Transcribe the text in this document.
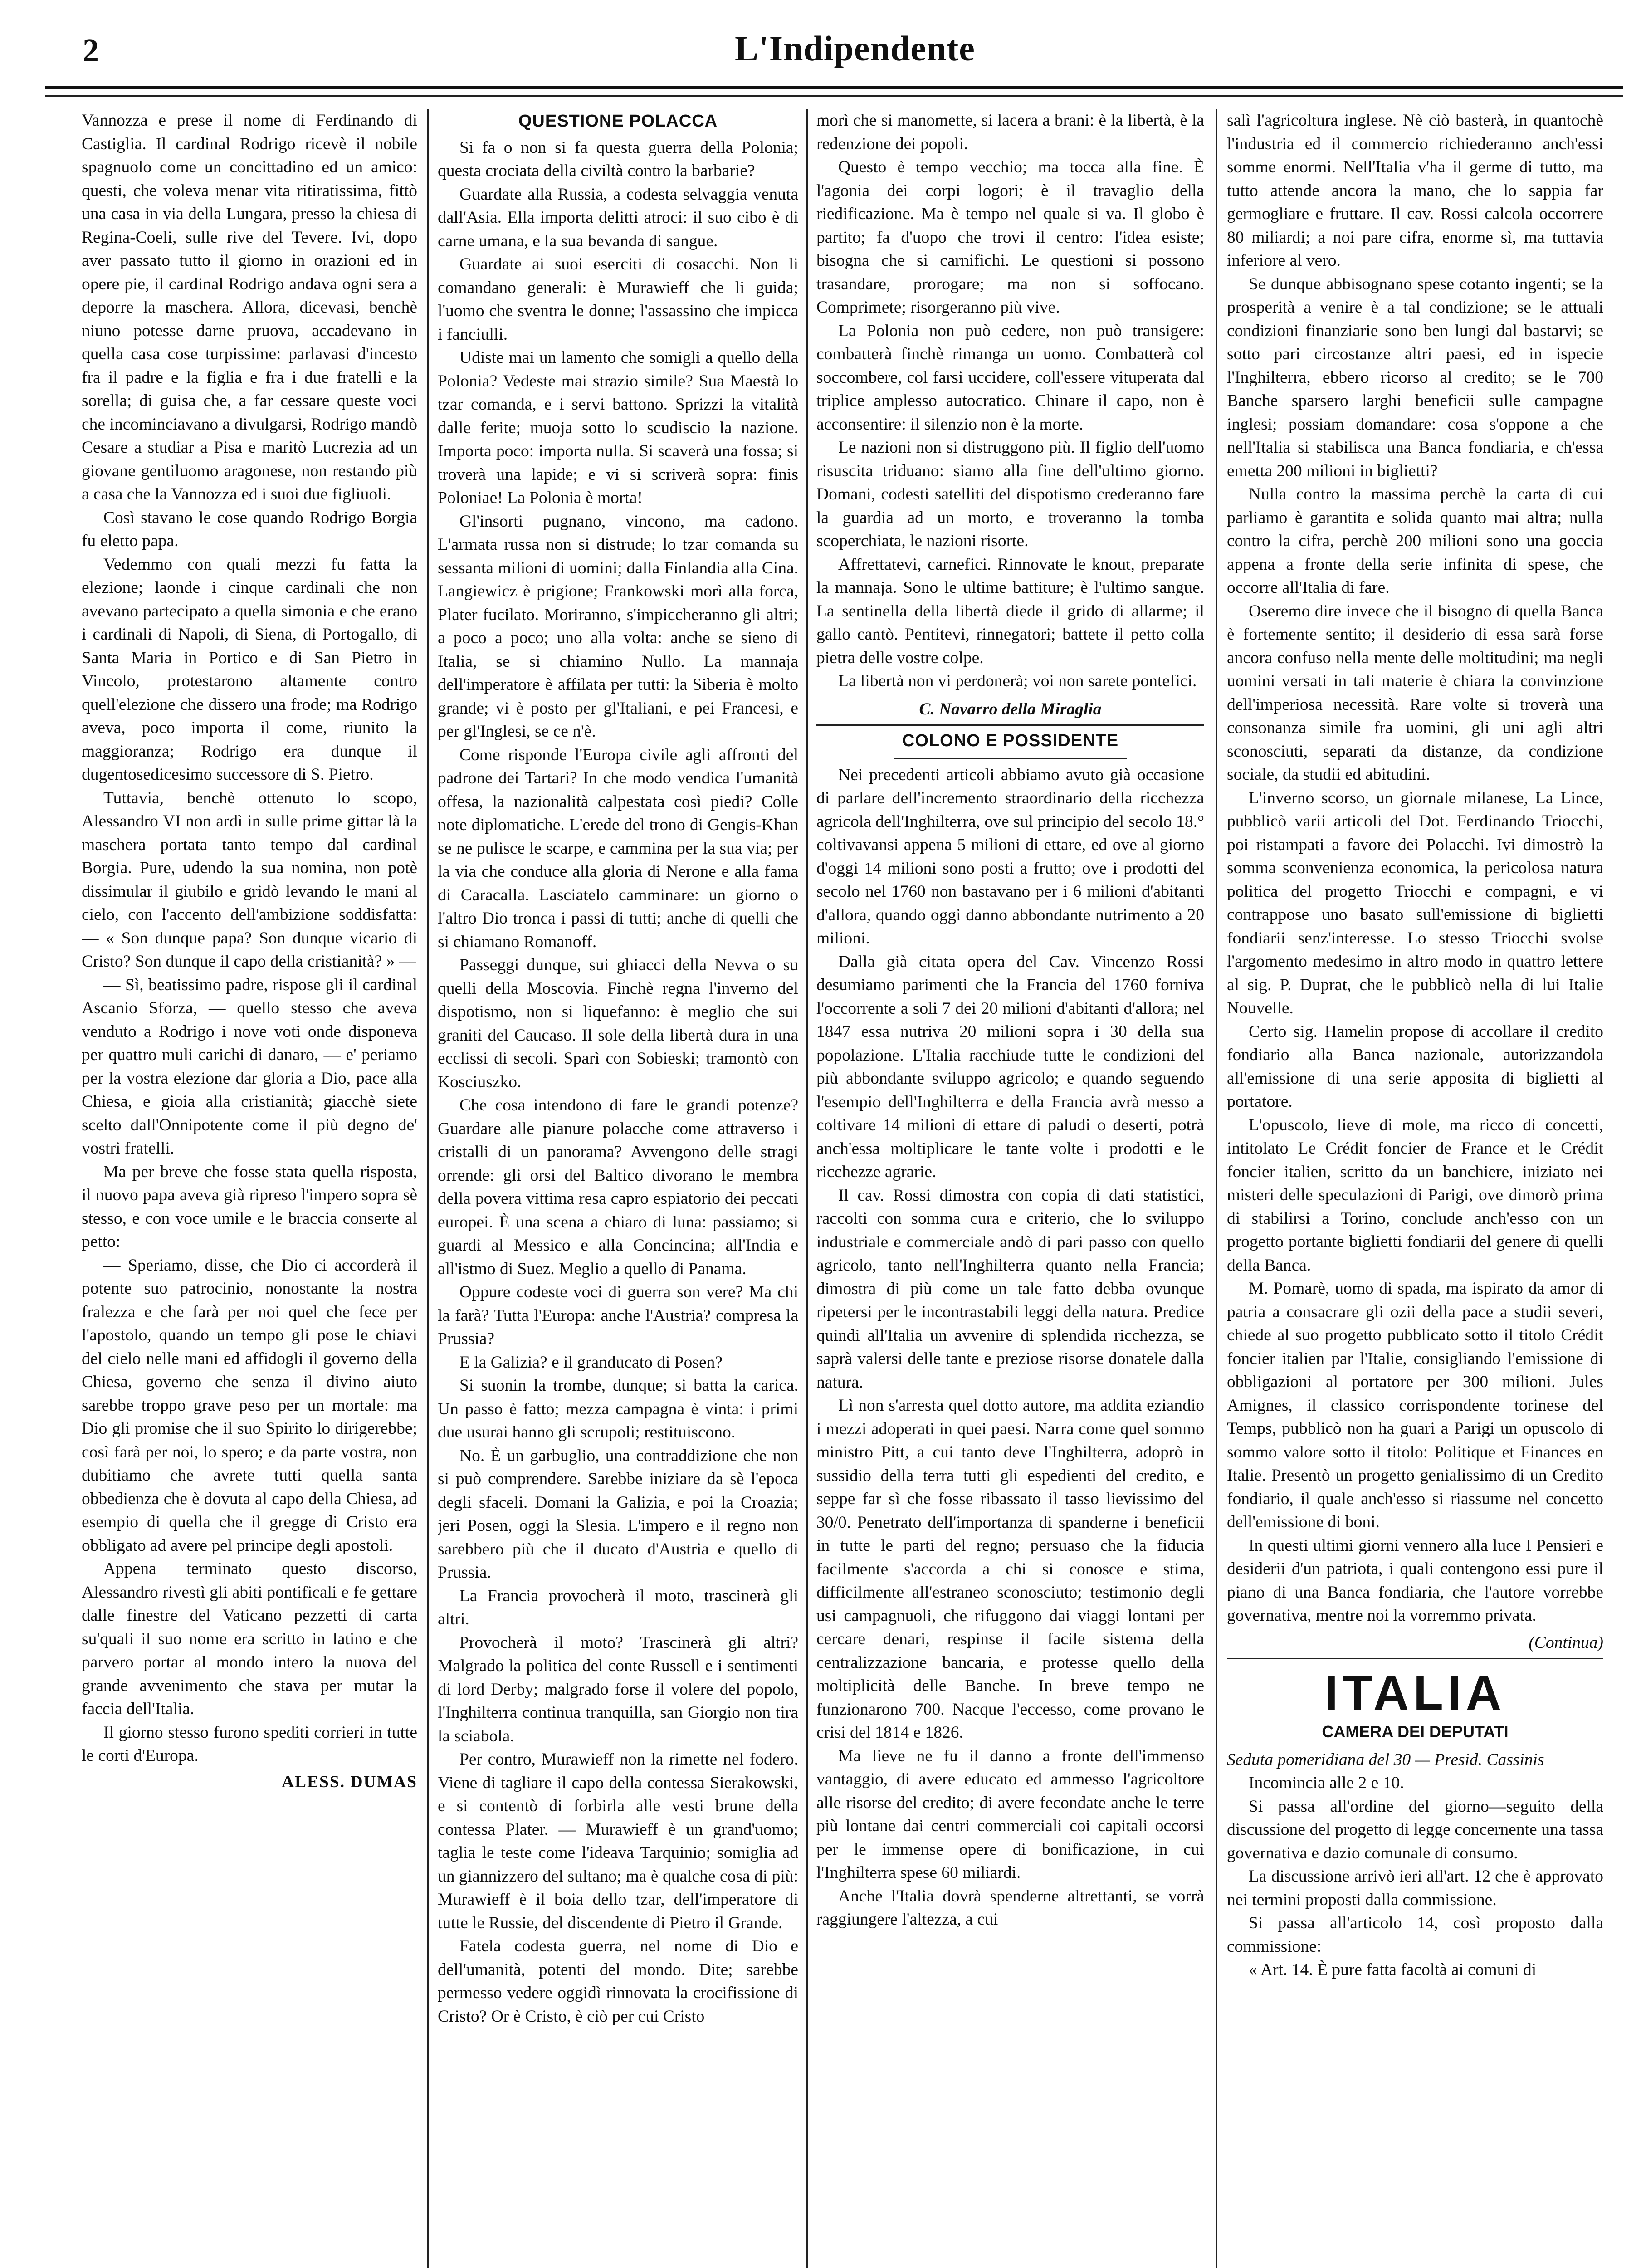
2	L'Indipendente

Vannozza e prese il nome di Ferdinando di Castiglia. Il cardinal Rodrigo ricevè il nobile spagnuolo come un concittadino ed un amico: questi, che voleva menar vita ritiratissima, fittò una casa in via della Lungara, presso la chiesa di Regina-Coeli, sulle rive del Tevere. Ivi, dopo aver passato tutto il giorno in orazioni ed in opere pie, il cardinal Rodrigo andava ogni sera a deporre la maschera. Allora, dicevasi, benchè niuno potesse darne pruova, accadevano in quella casa cose turpissime: parlavasi d'incesto fra il padre e la figlia e fra i due fratelli e la sorella; di guisa che, a far cessare queste voci che incominciavano a divulgarsi, Rodrigo mandò Cesare a studiar a Pisa e maritò Lucrezia ad un giovane gentiluomo aragonese, non restando più a casa che la Vannozza ed i suoi due figliuoli.

Così stavano le cose quando Rodrigo Borgia fu eletto papa.

Vedemmo con quali mezzi fu fatta la elezione; laonde i cinque cardinali che non avevano partecipato a quella simonia e che erano i cardinali di Napoli, di Siena, di Portogallo, di Santa Maria in Portico e di San Pietro in Vincolo, protestarono altamente contro quell'elezione che dissero una frode; ma Rodrigo aveva, poco importa il come, riunito la maggioranza; Rodrigo era dunque il dugentosedicesimo successore di S. Pietro.

Tuttavia, benchè ottenuto lo scopo, Alessandro VI non ardì in sulle prime gittar là la maschera portata tanto tempo dal cardinal Borgia. Pure, udendo la sua nomina, non potè dissimular il giubilo e gridò levando le mani al cielo, con l'accento dell'ambizione soddisfatta: — « Son dunque papa? Son dunque vicario di Cristo? Son dunque il capo della cristianità? » —

— Sì, beatissimo padre, rispose gli il cardinal Ascanio Sforza, — quello stesso che aveva venduto a Rodrigo i nove voti onde disponeva per quattro muli carichi di danaro, — e' periamo per la vostra elezione dar gloria a Dio, pace alla Chiesa, e gioia alla cristianità; giacchè siete scelto dall'Onnipotente come il più degno de' vostri fratelli.

Ma per breve che fosse stata quella risposta, il nuovo papa aveva già ripreso l'impero sopra sè stesso, e con voce umile e le braccia conserte al petto:

— Speriamo, disse, che Dio ci accorderà il potente suo patrocinio, nonostante la nostra fralezza e che farà per noi quel che fece per l'apostolo, quando un tempo gli pose le chiavi del cielo nelle mani ed affidogli il governo della Chiesa, governo che senza il divino aiuto sarebbe troppo grave peso per un mortale: ma Dio gli promise che il suo Spirito lo dirigerebbe; così farà per noi, lo spero; e da parte vostra, non dubitiamo che avrete tutti quella santa obbedienza che è dovuta al capo della Chiesa, ad esempio di quella che il gregge di Cristo era obbligato ad avere pel principe degli apostoli.

Appena terminato questo discorso, Alessandro rivestì gli abiti pontificali e fe gettare dalle finestre del Vaticano pezzetti di carta su'quali il suo nome era scritto in latino e che parvero portar al mondo intero la nuova del grande avvenimento che stava per mutar la faccia dell'Italia.

Il giorno stesso furono spediti corrieri in tutte le corti d'Europa.

ALESS. DUMAS
QUESTIONE POLACCA

Si fa o non si fa questa guerra della Polonia; questa crociata della civiltà contro la barbarie?

Guardate alla Russia, a codesta selvaggia venuta dall'Asia. Ella importa delitti atroci: il suo cibo è di carne umana, e la sua bevanda di sangue.

Guardate ai suoi eserciti di cosacchi. Non li comandano generali: è Murawieff che li guida; l'uomo che sventra le donne; l'assassino che impicca i fanciulli.

Udiste mai un lamento che somigli a quello della Polonia? Vedeste mai strazio simile? Sua Maestà lo tzar comanda, e i servi battono. Sprizzi la vitalità dalle ferite; muoja sotto lo scudiscio la nazione. Importa poco: importa nulla. Si scaverà una fossa; si troverà una lapide; e vi si scriverà sopra: finis Poloniae! La Polonia è morta!

Gl'insorti pugnano, vincono, ma cadono. L'armata russa non si distrude; lo tzar comanda su sessanta milioni di uomini; dalla Finlandia alla Cina. Langiewicz è prigione; Frankowski morì alla forca, Plater fucilato. Moriranno, s'impiccheranno gli altri; a poco a poco; uno alla volta: anche se sieno di Italia, se si chiamino Nullo. La mannaja dell'imperatore è affilata per tutti: la Siberia è molto grande; vi è posto per gl'Italiani, e pei Francesi, e per gl'Inglesi, se ce n'è.

Come risponde l'Europa civile agli affronti del padrone dei Tartari? In che modo vendica l'umanità offesa, la nazionalità calpestata così piedi? Colle note diplomatiche. L'erede del trono di Gengis-Khan se ne pulisce le scarpe, e cammina per la sua via; per la via che conduce alla gloria di Nerone e alla fama di Caracalla. Lasciatelo camminare: un giorno o l'altro Dio tronca i passi di tutti; anche di quelli che si chiamano Romanoff.

Passeggi dunque, sui ghiacci della Nevva o su quelli della Moscovia. Finchè regna l'inverno del dispotismo, non si liquefanno: è meglio che sui graniti del Caucaso. Il sole della libertà dura in una ecclissi di secoli. Sparì con Sobieski; tramontò con Kosciuszko.

Che cosa intendono di fare le grandi potenze? Guardare alle pianure polacche come attraverso i cristalli di un panorama? Avvengono delle stragi orrende: gli orsi del Baltico divorano le membra della povera vittima resa capro espiatorio dei peccati europei. È una scena a chiaro di luna: passiamo; si guardi al Messico e alla Concincina; all'India e all'istmo di Suez. Meglio a quello di Panama.

Oppure codeste voci di guerra son vere? Ma chi la farà? Tutta l'Europa: anche l'Austria? compresa la Prussia?

E la Galizia? e il granducato di Posen?

Si suonin la trombe, dunque; si batta la carica. Un passo è fatto; mezza campagna è vinta: i primi due usurai hanno gli scrupoli; restituiscono.

No. È un garbuglio, una contraddizione che non si può comprendere. Sarebbe iniziare da sè l'epoca degli sfaceli. Domani la Galizia, e poi la Croazia; jeri Posen, oggi la Slesia. L'impero e il regno non sarebbero più che il ducato d'Austria e quello di Prussia.

La Francia provocherà il moto, trascinerà gli altri.

Provocherà il moto? Trascinerà gli altri? Malgrado la politica del conte Russell e i sentimenti di lord Derby; malgrado forse il volere del popolo, l'Inghilterra continua tranquilla, san Giorgio non tira la sciabola.

Per contro, Murawieff non la rimette nel fodero. Viene di tagliare il capo della contessa Sierakowski, e si contentò di forbirla alle vesti brune della contessa Plater. — Murawieff è un grand'uomo; taglia le teste come l'ideava Tarquinio; somiglia ad un giannizzero del sultano; ma è qualche cosa di più: Murawieff è il boia dello tzar, dell'imperatore di tutte le Russie, del discendente di Pietro il Grande.

Fatela codesta guerra, nel nome di Dio e dell'umanità, potenti del mondo. Dite; sarebbe permesso vedere oggidì rinnovata la crocifissione di Cristo? Or è Cristo, è ciò per cui Cristo

morì che si manomette, si lacera a brani: è la libertà, è la redenzione dei popoli.

Questo è tempo vecchio; ma tocca alla fine. È l'agonia dei corpi logori; è il travaglio della riedificazione. Ma è tempo nel quale si va. Il globo è partito; fa d'uopo che trovi il centro: l'idea esiste; bisogna che si carnifichi. Le questioni si possono trasandare, prorogare; ma non si soffocano. Comprimete; risorgeranno più vive.

La Polonia non può cedere, non può transigere: combatterà finchè rimanga un uomo. Combatterà col soccombere, col farsi uccidere, coll'essere vituperata dal triplice amplesso autocratico. Chinare il capo, non è acconsentire: il silenzio non è la morte.

Le nazioni non si distruggono più. Il figlio dell'uomo risuscita triduano: siamo alla fine dell'ultimo giorno. Domani, codesti satelliti del dispotismo crederanno fare la guardia ad un morto, e troveranno la tomba scoperchiata, le nazioni risorte.

Affrettatevi, carnefici. Rinnovate le knout, preparate la mannaja. Sono le ultime battiture; è l'ultimo sangue. La sentinella della libertà diede il grido di allarme; il gallo cantò. Pentitevi, rinnegatori; battete il petto colla pietra delle vostre colpe.

La libertà non vi perdonerà; voi non sarete pontefici.

C. Navarro della Miraglia
COLONO E POSSIDENTE

Nei precedenti articoli abbiamo avuto già occasione di parlare dell'incremento straordinario della ricchezza agricola dell'Inghilterra, ove sul principio del secolo 18.° coltivavansi appena 5 milioni di ettare, ed ove al giorno d'oggi 14 milioni sono posti a frutto; ove i prodotti del secolo nel 1760 non bastavano per i 6 milioni d'abitanti d'allora, quando oggi danno abbondante nutrimento a 20 milioni.

Dalla già citata opera del Cav. Vincenzo Rossi desumiamo parimenti che la Francia del 1760 forniva l'occorrente a soli 7 dei 20 milioni d'abitanti d'allora; nel 1847 essa nutriva 20 milioni sopra i 30 della sua popolazione. L'Italia racchiude tutte le condizioni del più abbondante sviluppo agricolo; e quando seguendo l'esempio dell'Inghilterra e della Francia avrà messo a coltivare 14 milioni di ettare di paludi o deserti, potrà anch'essa moltiplicare le tante volte i prodotti e le ricchezze agrarie.

Il cav. Rossi dimostra con copia di dati statistici, raccolti con somma cura e criterio, che lo sviluppo industriale e commerciale andò di pari passo con quello agricolo, tanto nell'Inghilterra quanto nella Francia; dimostra di più come un tale fatto debba ovunque ripetersi per le incontrastabili leggi della natura. Predice quindi all'Italia un avvenire di splendida ricchezza, se saprà valersi delle tante e preziose risorse donatele dalla natura.

Lì non s'arresta quel dotto autore, ma addita eziandio i mezzi adoperati in quei paesi. Narra come quel sommo ministro Pitt, a cui tanto deve l'Inghilterra, adoprò in sussidio della terra tutti gli espedienti del credito, e seppe far sì che fosse ribassato il tasso lievissimo del 30/0. Penetrato dell'importanza di spanderne i beneficii in tutte le parti del regno; persuaso che la fiducia facilmente s'accorda a chi si conosce e stima, difficilmente all'estraneo sconosciuto; testimonio degli usi campagnuoli, che rifuggono dai viaggi lontani per cercare denari, respinse il facile sistema della centralizzazione bancaria, e protesse quello della moltiplicità delle Banche. In breve tempo ne funzionarono 700. Nacque l'eccesso, come provano le crisi del 1814 e 1826.

Ma lieve ne fu il danno a fronte dell'immenso vantaggio, di avere educato ed ammesso l'agricoltore alle risorse del credito; di avere fecondate anche le terre più lontane dai centri commerciali coi capitali occorsi per le immense opere di bonificazione, in cui l'Inghilterra spese 60 miliardi.

Anche l'Italia dovrà spenderne altrettanti, se vorrà raggiungere l'altezza, a cui

salì l'agricoltura inglese. Nè ciò basterà, in quantochè l'industria ed il commercio richiederanno anch'essi somme enormi. Nell'Italia v'ha il germe di tutto, ma tutto attende ancora la mano, che lo sappia far germogliare e fruttare. Il cav. Rossi calcola occorrere 80 miliardi; a noi pare cifra, enorme sì, ma tuttavia inferiore al vero.

Se dunque abbisognano spese cotanto ingenti; se la prosperità a venire è a tal condizione; se le attuali condizioni finanziarie sono ben lungi dal bastarvi; se sotto pari circostanze altri paesi, ed in ispecie l'Inghilterra, ebbero ricorso al credito; se le 700 Banche sparsero larghi beneficii sulle campagne inglesi; possiam domandare: cosa s'oppone a che nell'Italia si stabilisca una Banca fondiaria, e ch'essa emetta 200 milioni in biglietti?

Nulla contro la massima perchè la carta di cui parliamo è garantita e solida quanto mai altra; nulla contro la cifra, perchè 200 milioni sono una goccia appena a fronte della serie infinita di spese, che occorre all'Italia di fare.

Oseremo dire invece che il bisogno di quella Banca è fortemente sentito; il desiderio di essa sarà forse ancora confuso nella mente delle moltitudini; ma negli uomini versati in tali materie è chiara la convinzione dell'imperiosa necessità. Rare volte si troverà una consonanza simile fra uomini, gli uni agli altri sconosciuti, separati da distanze, da condizione sociale, da studii ed abitudini.

L'inverno scorso, un giornale milanese, La Lince, pubblicò varii articoli del Dot. Ferdinando Triocchi, poi ristampati a favore dei Polacchi. Ivi dimostrò la somma sconvenienza economica, la pericolosa natura politica del progetto Triocchi e compagni, e vi contrappose uno basato sull'emissione di biglietti fondiarii senz'interesse. Lo stesso Triocchi svolse l'argomento medesimo in altro modo in quattro lettere al sig. P. Duprat, che le pubblicò nella di lui Italie Nouvelle.

Certo sig. Hamelin propose di accollare il credito fondiario alla Banca nazionale, autorizzandola all'emissione di una serie apposita di biglietti al portatore.

L'opuscolo, lieve di mole, ma ricco di concetti, intitolato Le Crédit foncier de France et le Crédit foncier italien, scritto da un banchiere, iniziato nei misteri delle speculazioni di Parigi, ove dimorò prima di stabilirsi a Torino, conclude anch'esso con un progetto portante biglietti fondiarii del genere di quelli della Banca.

M. Pomarè, uomo di spada, ma ispirato da amor di patria a consacrare gli ozii della pace a studii severi, chiede al suo progetto pubblicato sotto il titolo Crédit foncier italien par l'Italie, consigliando l'emissione di obbligazioni al portatore per 300 milioni. Jules Amignes, il classico corrispondente torinese del Temps, pubblicò non ha guari a Parigi un opuscolo di sommo valore sotto il titolo: Politique et Finances en Italie. Presentò un progetto genialissimo di un Credito fondiario, il quale anch'esso si riassume nel concetto dell'emissione di boni.

In questi ultimi giorni vennero alla luce I Pensieri e desiderii d'un patriota, i quali contengono essi pure il piano di una Banca fondiaria, che l'autore vorrebbe governativa, mentre noi la vorremmo privata.

(Continua)
ITALIA
CAMERA DEI DEPUTATI

Seduta pomeridiana del 30 — Presid. Cassinis

Incomincia alle 2 e 10.

Si passa all'ordine del giorno—seguito della discussione del progetto di legge concernente una tassa governativa e dazio comunale di consumo.

La discussione arrivò ieri all'art. 12 che è approvato nei termini proposti dalla commissione.

Si passa all'articolo 14, così proposto dalla commissione:

« Art. 14. È pure fatta facoltà ai comuni di
